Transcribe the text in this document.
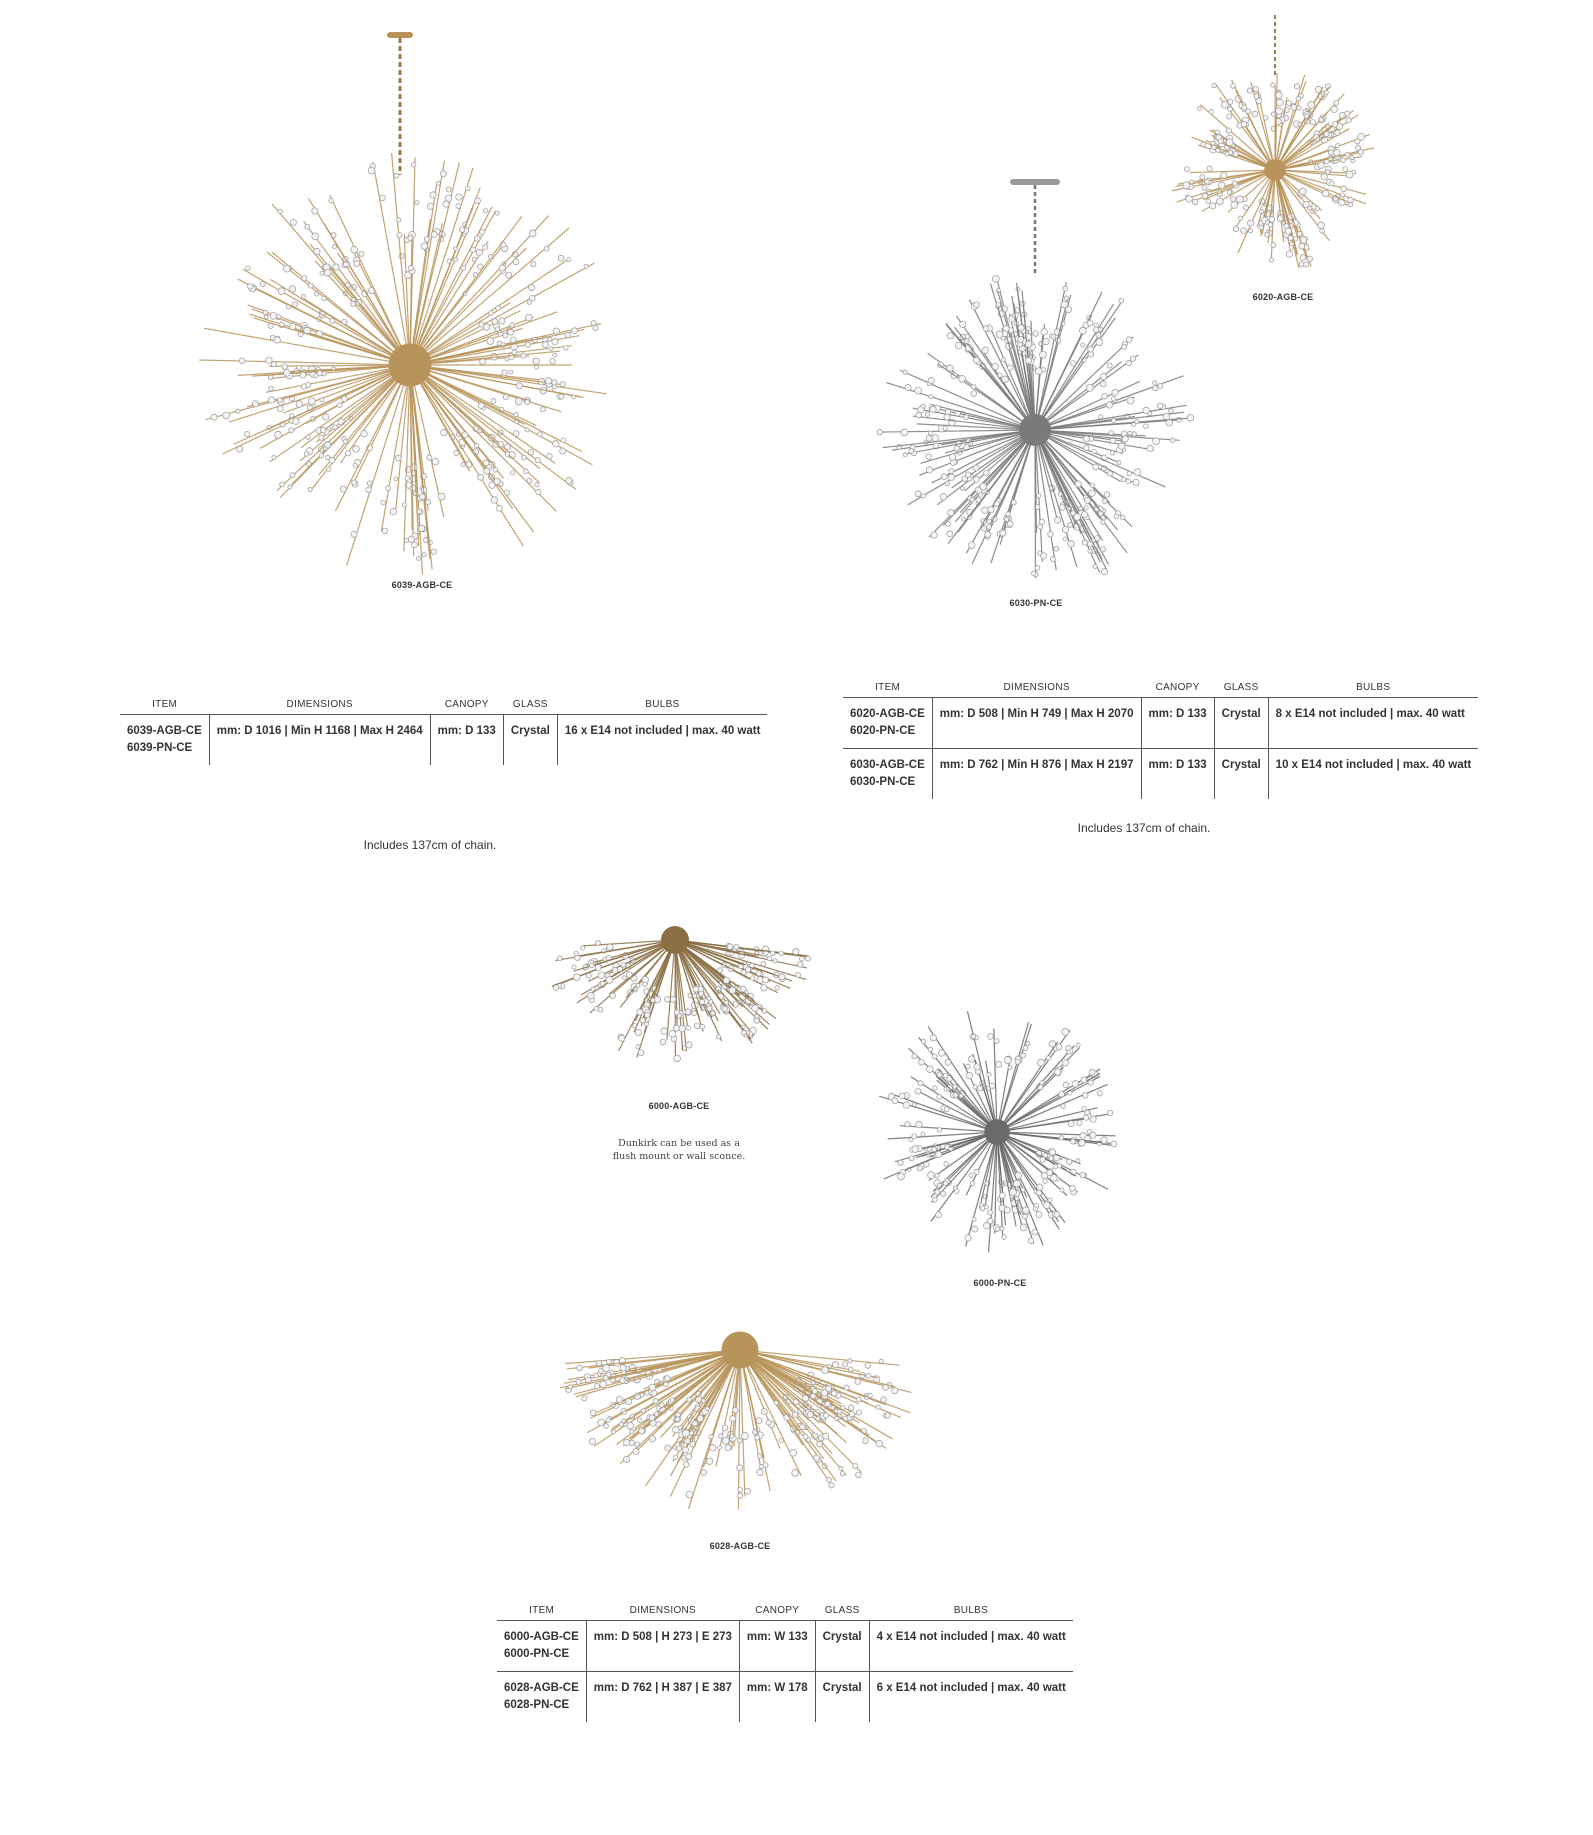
6039-AGB-CE
6030-PN-CE
6020-AGB-CE
6000-AGB-CE
Dunkirk can be used as a
flush mount or wall sconce.
6000-PN-CE
6028-AGB-CE
ITEM	DIMENSIONS	CANOPY	GLASS	BULBS

6039-AGB-CE
6039-PN-CE	mm: D 1016 | Min H 1168 | Max H 2464	mm: D 133	Crystal	16 x E14 not included | max. 40 watt
Includes 137cm of chain.
ITEM	DIMENSIONS	CANOPY	GLASS	BULBS

6020-AGB-CE
6020-PN-CE	mm: D 508 | Min H 749 | Max H 2070	mm: D 133	Crystal	8 x E14 not included | max. 40 watt

6030-AGB-CE
6030-PN-CE	mm: D 762 | Min H 876 | Max H 2197	mm: D 133	Crystal	10 x E14 not included | max. 40 watt
Includes 137cm of chain.
ITEM	DIMENSIONS	CANOPY	GLASS	BULBS

6000-AGB-CE
6000-PN-CE	mm: D 508 | H 273 | E 273	mm: W 133	Crystal	4 x E14 not included | max. 40 watt

6028-AGB-CE
6028-PN-CE	mm: D 762 | H 387 | E 387	mm: W 178	Crystal	6 x E14 not included | max. 40 watt
